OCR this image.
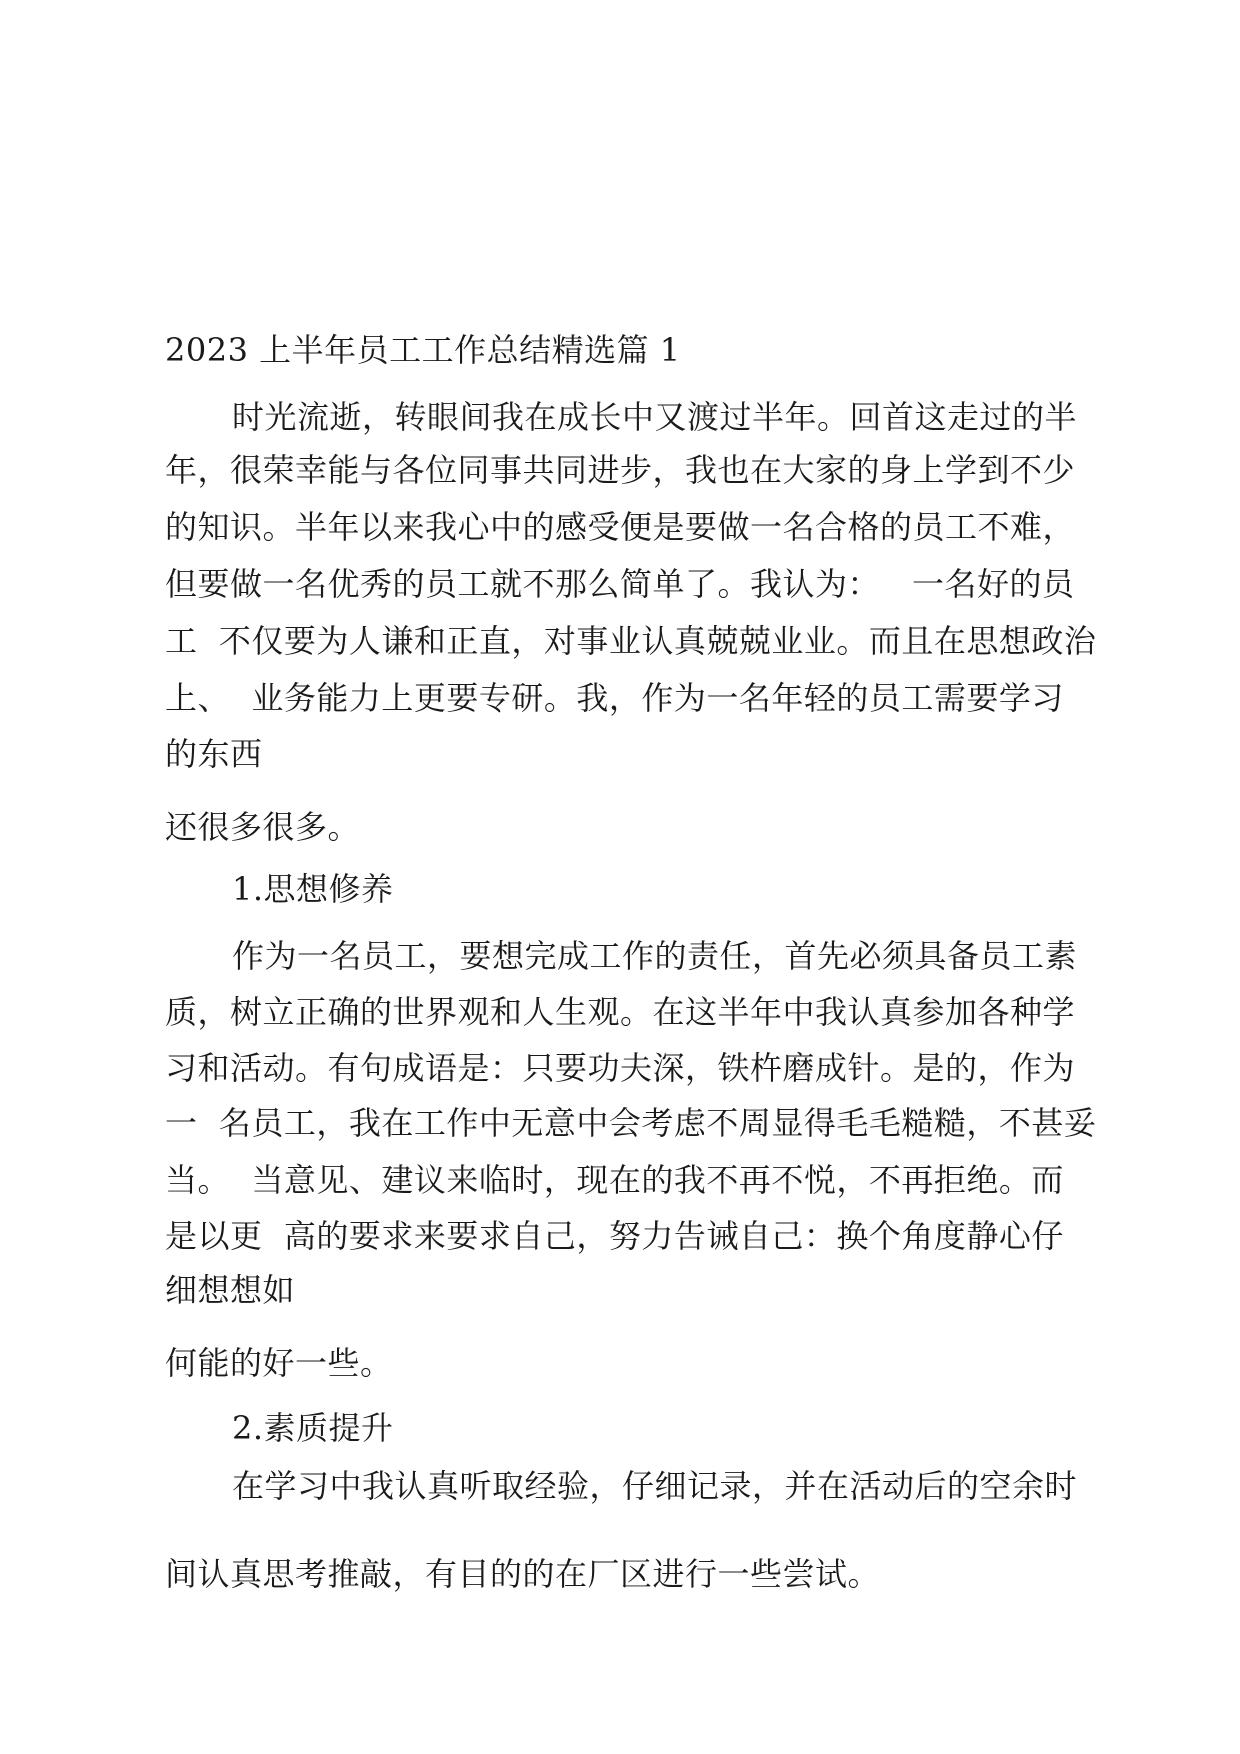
2023 上半年员工工作总结精选篇 1
时光流逝，转眼间我在成长中又渡过半年。回首这走过的半
年，很荣幸能与各位同事共同进步，我也在大家的身上学到不少
的知识。半年以来我心中的感受便是要做一名合格的员工不难，
但要做一名优秀的员工就不那么简单了。我认为：   一名好的员
工  不仅要为人谦和正直，对事业认真兢兢业业。而且在思想政治
上、  业务能力上更要专研。我，作为一名年轻的员工需要学习
的东西
还很多很多。
1.思想修养
作为一名员工，要想完成工作的责任，首先必须具备员工素
质，树立正确的世界观和人生观。在这半年中我认真参加各种学
习和活动。有句成语是：只要功夫深，铁杵磨成针。是的，作为
一  名员工，我在工作中无意中会考虑不周显得毛毛糙糙，不甚妥
当。  当意见、建议来临时，现在的我不再不悦，不再拒绝。而
是以更  高的要求来要求自己，努力告诫自己：换个角度静心仔
细想想如
何能的好一些。
2.素质提升
在学习中我认真听取经验，仔细记录，并在活动后的空余时
间认真思考推敲，有目的的在厂区进行一些尝试。
